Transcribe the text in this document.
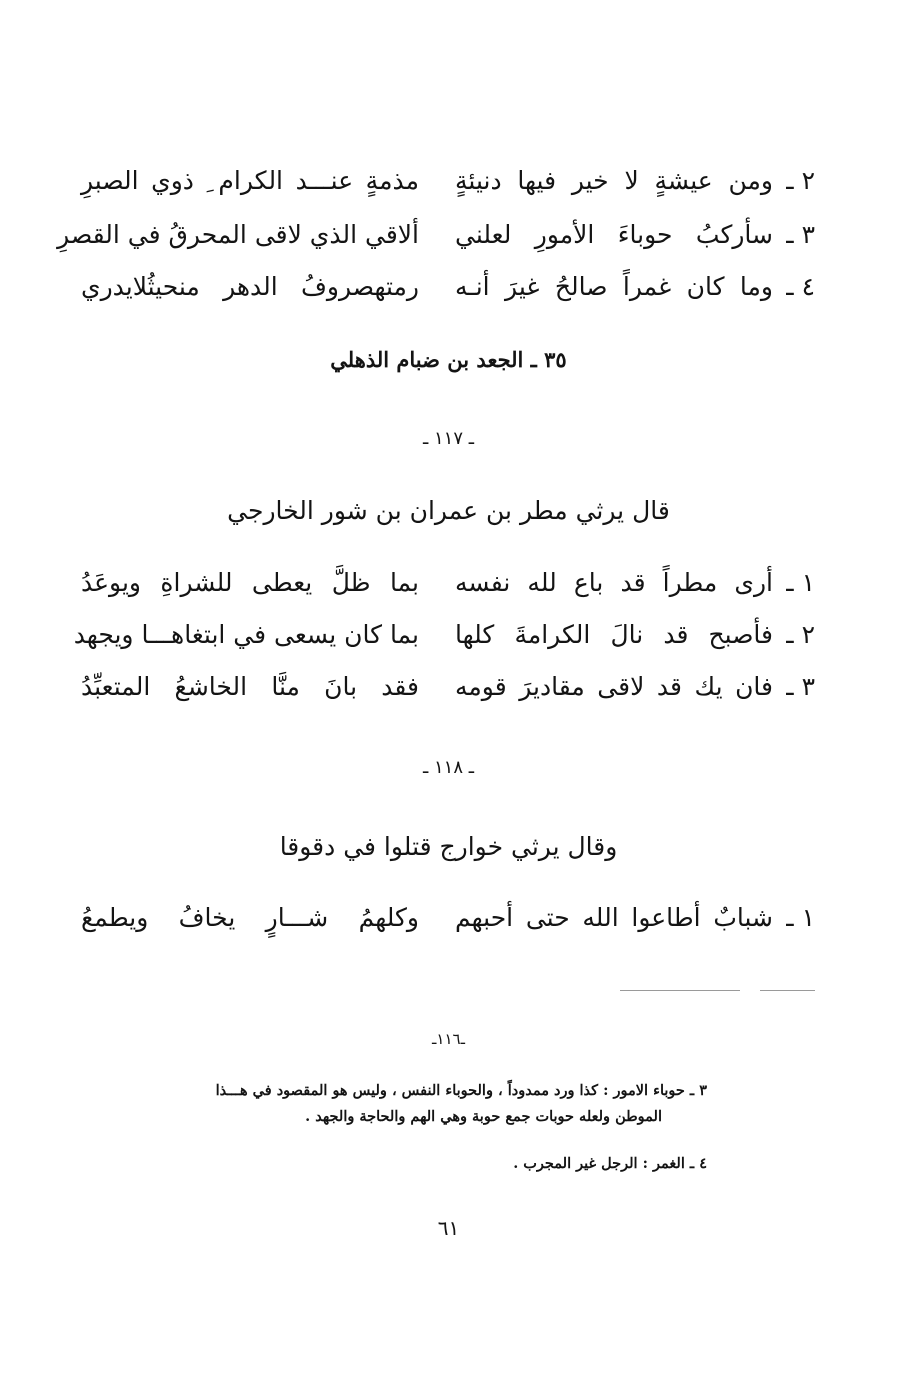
٢ ـ
ومن عيشةٍ لا خير فيها دنيئةٍ
مذمةٍ عنـــد الكرام ِ ذوي الصبرِ
٣ ـ
سأركبُ حوباءَ الأمورِ لعلني
ألاقي الذي لاقى المحرقُ في القصرِ
٤ ـ
وما كان غمراً صالحُ غيرَ أنـه
رمتهصروفُ الدهر منحيثُلايدري
٣٥ ـ الجعد بن ضبام الذهلي
ـ ١١٧ ـ
قال يرثي مطر بن عمران بن شور الخارجي
١ ـ
أرى مطراً قد باع لله نفسه
بما ظلَّ يعطى للشراةِ ويوعَدُ
٢ ـ
فأصبح قد نالَ الكرامةَ كلها
بما كان يسعى في ابتغاهـــا ويجهد
٣ ـ
فان يك قد لاقى مقاديرَ قومه
فقد بانَ منَّا الخاشعُ المتعبِّدُ
ـ ١١٨ ـ
وقال يرثي خوارج قتلوا في دقوقا
١ ـ
شبابٌ أطاعوا الله حتى أحبهم
وكلهمُ شـــارٍ يخافُ ويطمعُ
ـ١١٦ـ
٣ ـ حوباء الامور : كذا ورد ممدوداً ، والحوباء النفس ، وليس هو المقصود في هـــذا
الموطن ولعله حوبات جمع حوبة وهي الهم والحاجة والجهد .
٤ ـ الغمر : الرجل غير المجرب .
٦١
